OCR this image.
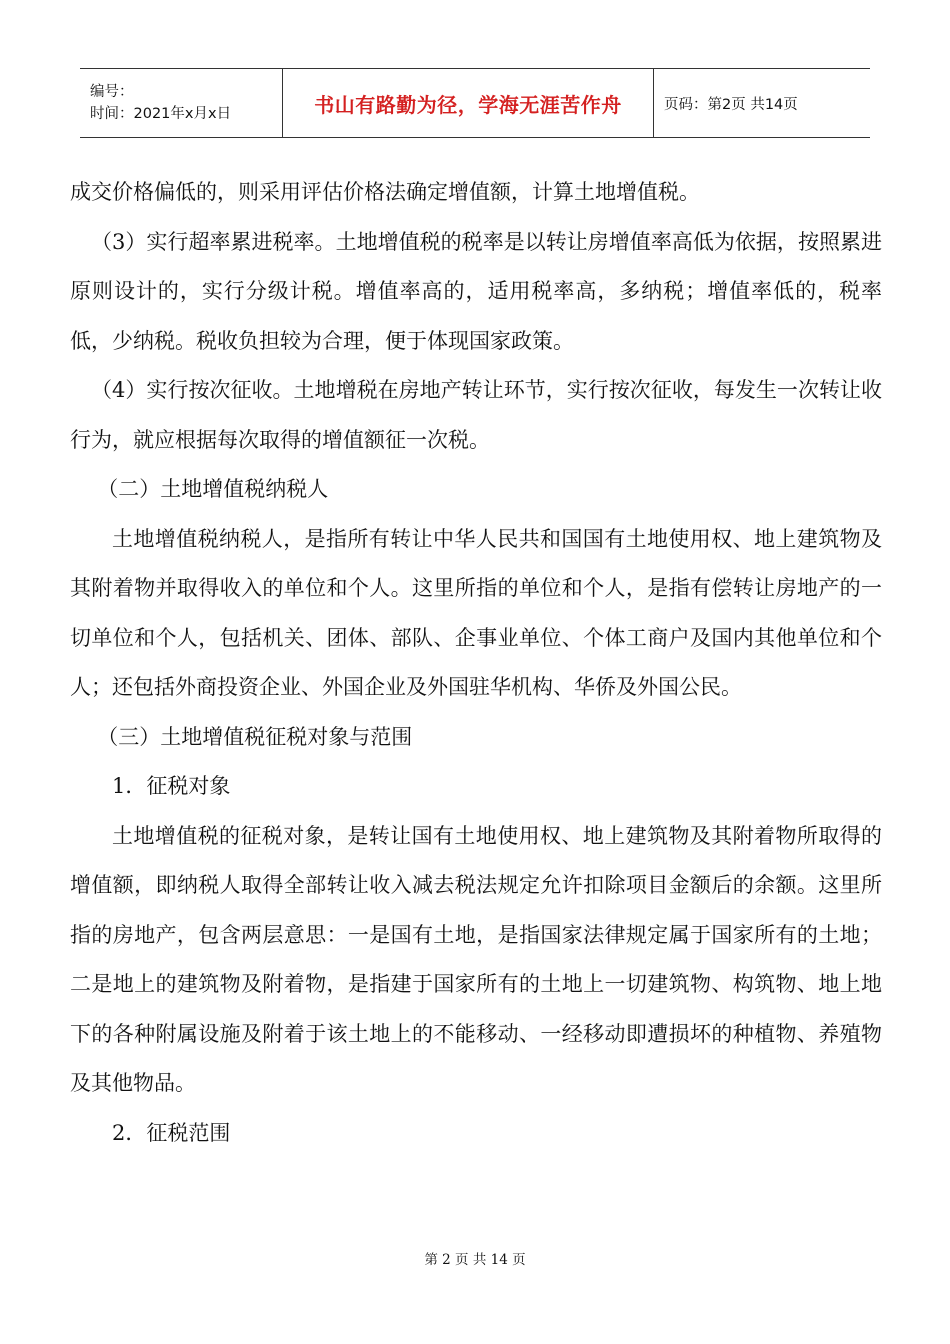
编号：
时间：2021年x月x日	书山有路勤为径，学海无涯苦作舟	页码：第2页 共14页

成交价格偏低的，则采用评估价格法确定增值额，计算土地增值税。

（3）实行超率累进税率。土地增值税的税率是以转让房增值率高低为依据，按照累进原则设计的，实行分级计税。增值率高的，适用税率高，多纳税；增值率低的，税率低，少纳税。税收负担较为合理，便于体现国家政策。

（4）实行按次征收。土地增税在房地产转让环节，实行按次征收，每发生一次转让收行为，就应根据每次取得的增值额征一次税。

（二）土地增值税纳税人

土地增值税纳税人，是指所有转让中华人民共和国国有土地使用权、地上建筑物及其附着物并取得收入的单位和个人。这里所指的单位和个人，是指有偿转让房地产的一切单位和个人，包括机关、团体、部队、企事业单位、个体工商户及国内其他单位和个人；还包括外商投资企业、外国企业及外国驻华机构、华侨及外国公民。

（三）土地增值税征税对象与范围

1．征税对象

土地增值税的征税对象，是转让国有土地使用权、地上建筑物及其附着物所取得的增值额，即纳税人取得全部转让收入减去税法规定允许扣除项目金额后的余额。这里所指的房地产，包含两层意思：一是国有土地，是指国家法律规定属于国家所有的土地；二是地上的建筑物及附着物，是指建于国家所有的土地上一切建筑物、构筑物、地上地下的各种附属设施及附着于该土地上的不能移动、一经移动即遭损坏的种植物、养殖物及其他物品。

2．征税范围

第 2 页 共 14 页
